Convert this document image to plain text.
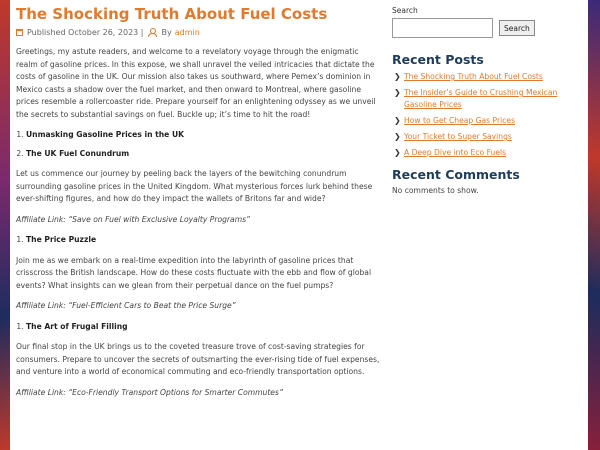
The Shocking Truth About Fuel Costs
Published October 26, 2023 | By admin

Greetings, my astute readers, and welcome to a revelatory voyage through the enigmatic realm of gasoline prices. In this expose, we shall unravel the veiled intricacies that dictate the costs of gasoline in the UK. Our mission also takes us southward, where Pemex’s dominion in Mexico casts a shadow over the fuel market, and then onward to Montreal, where gasoline prices resemble a rollercoaster ride. Prepare yourself for an enlightening odyssey as we unveil the secrets to substantial savings on fuel. Buckle up; it’s time to hit the road!

1. Unmasking Gasoline Prices in the UK
2. The UK Fuel Conundrum

Let us commence our journey by peeling back the layers of the bewitching conundrum surrounding gasoline prices in the United Kingdom. What mysterious forces lurk behind these ever-shifting figures, and how do they impact the wallets of Britons far and wide?

Affiliate Link: “Save on Fuel with Exclusive Loyalty Programs”

1. The Price Puzzle

Join me as we embark on a real-time expedition into the labyrinth of gasoline prices that crisscross the British landscape. How do these costs fluctuate with the ebb and flow of global events? What insights can we glean from their perpetual dance on the fuel pumps?

Affiliate Link: “Fuel-Efficient Cars to Beat the Price Surge”

1. The Art of Frugal Filling

Our final stop in the UK brings us to the coveted treasure trove of cost-saving strategies for consumers. Prepare to uncover the secrets of outsmarting the ever-rising tide of fuel expenses, and venture into a world of economical commuting and eco-friendly transportation options.

Affiliate Link: “Eco-Friendly Transport Options for Smarter Commutes”

Search
Search
Recent Posts
❯ The Shocking Truth About Fuel Costs
❯ The Insider’s Guide to Crushing Mexican Gasoline Prices
❯ How to Get Cheap Gas Prices
❯ Your Ticket to Super Savings
❯ A Deep Dive into Eco Fuels
Recent Comments

No comments to show.
